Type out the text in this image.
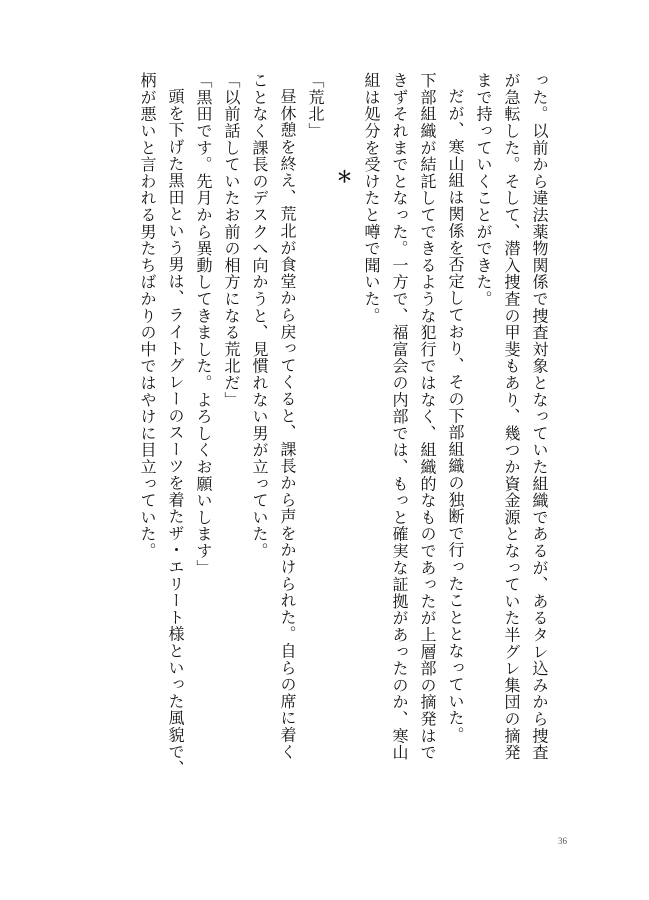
った。以前から違法薬物関係で捜査対象となっていた組織であるが、あるタレ込みから捜査
が急転した。そして、潜入捜査の甲斐もあり、幾つか資金源となっていた半グレ集団の摘発
まで持っていくことができた。
だが、寒山組は関係を否定しており、その下部組織の独断で行ったこととなっていた。
下部組織が結託してできるような犯行ではなく、組織的なものであったが上層部の摘発はで
きずそれまでとなった。一方で、福富会の内部では、もっと確実な証拠があったのか、寒山
組は処分を受けたと噂で聞いた。
＊
「荒北」
昼休憩を終え、荒北が食堂から戻ってくると、課長から声をかけられた。自らの席に着く
ことなく課長のデスクへ向かうと、見慣れない男が立っていた。
「以前話していたお前の相方になる荒北だ」
「黒田です。先月から異動してきました。よろしくお願いします」
頭を下げた黒田という男は、ライトグレーのスーツを着たザ・エリート様といった風貌で、
柄が悪いと言われる男たちばかりの中ではやけに目立っていた。
36
